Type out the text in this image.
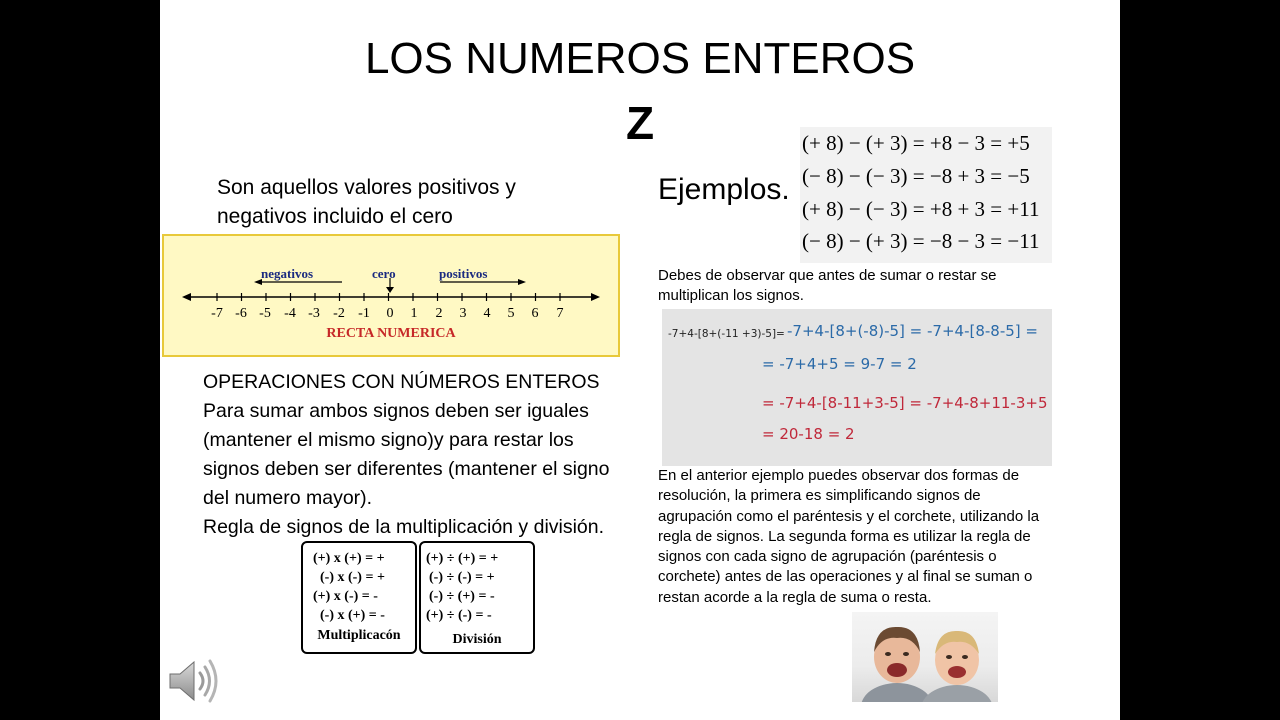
LOS NUMEROS ENTEROS
Z
Son aquellos valores positivos y negativos incluido el cero
negativos	cero	positivos
-7 -6 -5 -4 -3 -2 -1 0 1 2 3 4 5 6 7
RECTA NUMERICA

OPERACIONES CON NÚMEROS ENTEROS

Para sumar ambos signos deben ser iguales (mantener el mismo signo)y para restar los signos deben ser diferentes (mantener el signo del numero mayor).

Regla de signos de la multiplicación y división.

(+) x (+) = +
(-) x (-) = +
(+) x (-) = -
(-) x (+) = -
Multiplicacón
(+) ÷ (+) = +
(-) ÷ (-) = +
(-) ÷ (+) = -
(+) ÷ (-) = -
División
Ejemplos.
(+ 8) − (+ 3) = +8 − 3 = +5
(− 8) − (− 3) = −8 + 3 = −5
(+ 8) − (− 3) = +8 + 3 = +11
(− 8) − (+ 3) = −8 − 3 = −11
Debes de observar que antes de sumar o restar se multiplican los signos.
-7+4-[8+(-11 +3)-5]= -7+4-[8+(-8)-5] = -7+4-[8-8-5] =
= -7+4+5 = 9-7 = 2
= -7+4-[8-11+3-5] = -7+4-8+11-3+5
= 20-18 = 2
En el anterior ejemplo puedes observar dos formas de resolución, la primera es simplificando signos de agrupación como el paréntesis y el corchete, utilizando la regla de signos. La segunda forma es utilizar la regla de signos con cada signo de agrupación (paréntesis o corchete) antes de las operaciones y al final se suman o restan acorde a la regla de suma o resta.
